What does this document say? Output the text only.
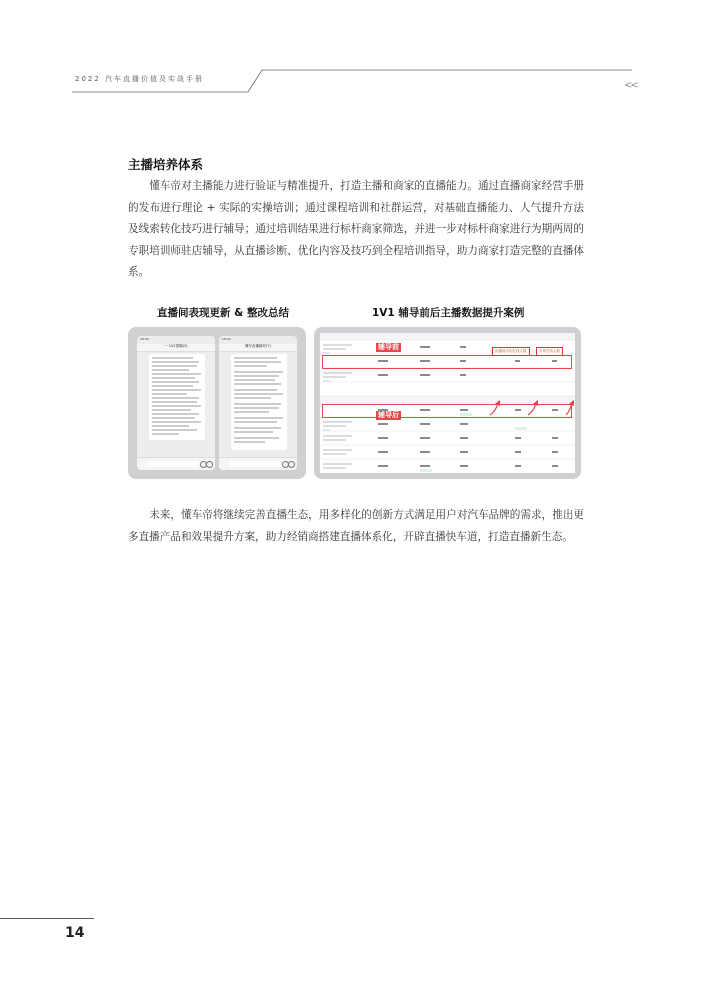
2022 汽车直播价值及实战手册
<<
主播培养体系

懂车帝对主播能力进行验证与精准提升，打造主播和商家的直播能力。通过直播商家经营手册的发布进行理论 + 实际的实操培训；通过课程培训和社群运营，对基础直播能力、人气提升方法及线索转化技巧进行辅导；通过培训结果进行标杆商家筛选，并进一步对标杆商家进行为期两周的专职培训师驻店辅导，从直播诊断、优化内容及技巧到全程培训指导，助力商家打造完整的直播体系。

直播间表现更新 & 整改总结	1V1 辅导前后主播数据提升案例
18:50
··· 1V1群聊(3)
18:50
懂车直播辅导(7)	辅导前
辅导后
直播间平均在线人数	平均在线人数

未来，懂车帝将继续完善直播生态，用多样化的创新方式满足用户对汽车品牌的需求，推出更多直播产品和效果提升方案，助力经销商搭建直播体系化，开辟直播快车道，打造直播新生态。

14
